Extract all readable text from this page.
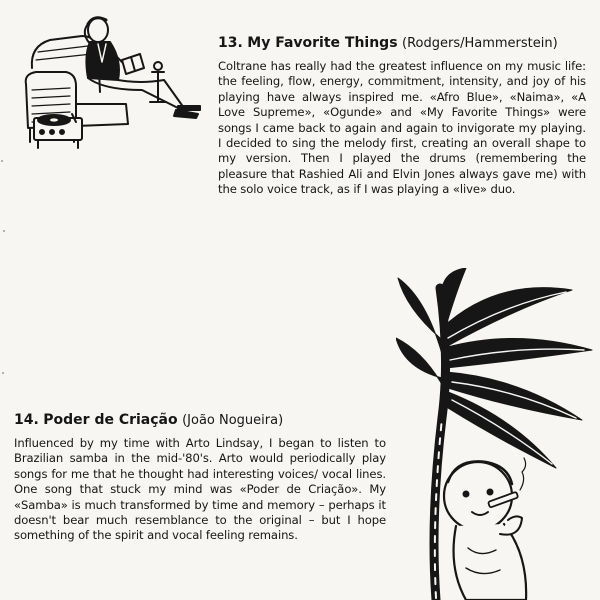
13. My Favorite Things (Rodgers/Hammerstein)

Coltrane has really had the greatest influence on my music life: the feeling, flow, energy, commitment, intensity, and joy of his playing have always inspired me. «Afro Blue», «Naima», «A Love Supreme», «Ogunde» and «My Favorite Things» were songs I came back to again and again to invigorate my playing. I decided to sing the melody first, creating an overall shape to my version. Then I played the drums (remembering the pleasure that Rashied Ali and Elvin Jones always gave me) with the solo voice track, as if I was playing a «live» duo.

14. Poder de Criação (João Nogueira)

Influenced by my time with Arto Lindsay, I began to listen to Brazilian samba in the mid-'80's. Arto would periodically play songs for me that he thought had interesting voices/ vocal lines. One song that stuck my mind was «Poder de Criação». My «Samba» is much transformed by time and memory – perhaps it doesn't bear much resemblance to the original – but I hope something of the spirit and vocal feeling remains.
